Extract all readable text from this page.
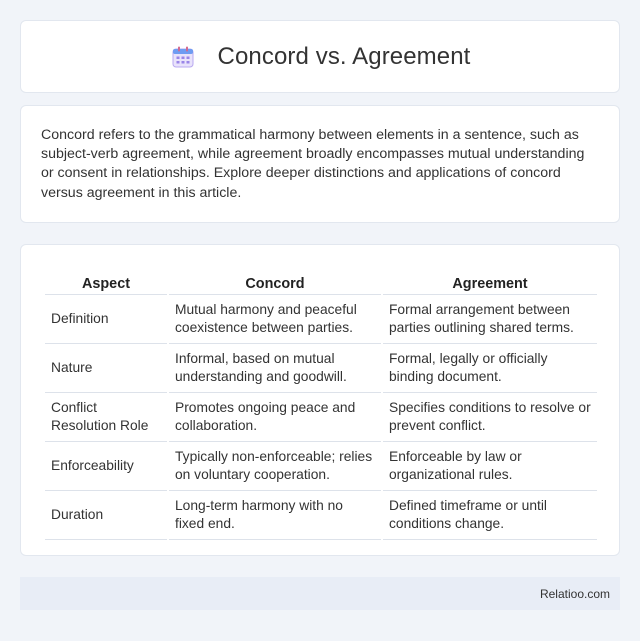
Concord vs. Agreement

Concord refers to the grammatical harmony between elements in a sentence, such as subject-verb agreement, while agreement broadly encompasses mutual understanding or consent in relationships. Explore deeper distinctions and applications of concord versus agreement in this article.

Aspect	Concord	Agreement
Definition	Mutual harmony and peaceful coexistence between parties.	Formal arrangement between parties outlining shared terms.
Nature	Informal, based on mutual understanding and goodwill.	Formal, legally or officially binding document.
Conflict Resolution Role	Promotes ongoing peace and collaboration.	Specifies conditions to resolve or prevent conflict.
Enforceability	Typically non-enforceable; relies on voluntary cooperation.	Enforceable by law or organizational rules.
Duration	Long-term harmony with no fixed end.	Defined timeframe or until conditions change.
Relatioo.com
